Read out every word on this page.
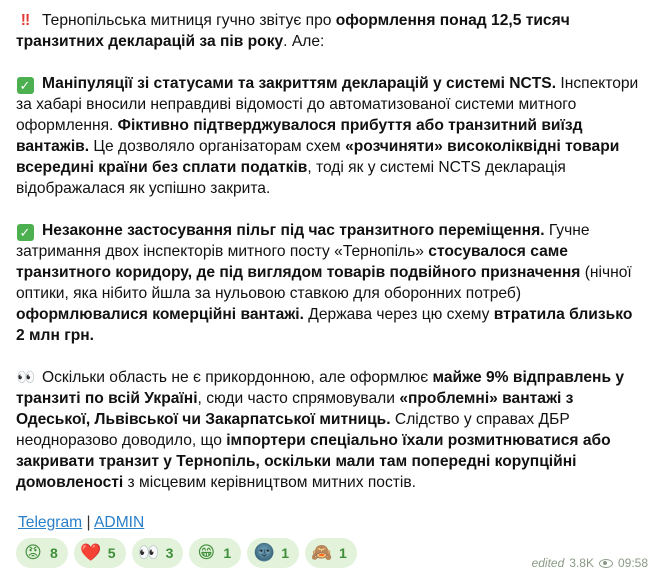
‼ Тернопільська митниця гучно звітує про оформлення понад 12,5 тисяч транзитних декларацій за пів року. Але:

✓ Маніпуляції зі статусами та закриттям декларацій у системі NCTS. Інспектори за хабарі вносили неправдиві відомості до автоматизованої системи митного оформлення. Фіктивно підтверджувалося прибуття або транзитний виїзд вантажів. Це дозволяло організаторам схем «розчиняти» високоліквідні товари всередині країни без сплати податків, тоді як у системі NCTS декларація відображалася як успішно закрита.

✓ Незаконне застосування пільг під час транзитного переміщення. Гучне затримання двох інспекторів митного посту «Тернопіль» стосувалося саме транзитного коридору, де під виглядом товарів подвійного призначення (нічної оптики, яка нібито йшла за нульовою ставкою для оборонних потреб) оформлювалися комерційні вантажі. Держава через цю схему втратила близько 2 млн грн.

👀 Оскільки область не є прикордонною, але оформлює майже 9% відправлень у транзиті по всій Україні, сюди часто спрямовували «проблемні» вантажі з Одеської, Львівської чи Закарпатської митниць. Слідство у справах ДБР неодноразово доводило, що імпортери спеціально їхали розмитнюватися або закривати транзит у Тернопіль, оскільки мали там попередні корупційні домовленості з місцевим керівництвом митних постів.

Telegram | ADMIN
😡 8 ❤️ 5 👀 3 😁 1 🌚 1 🙈 1
edited 3.8K 09:58
